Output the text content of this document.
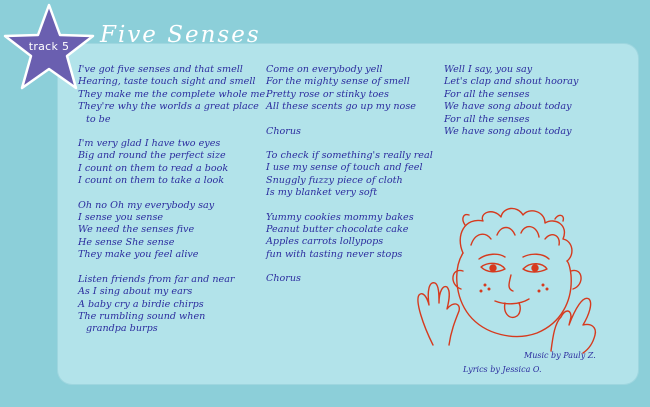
track 5 Five Senses
I've got five senses and that smell
Hearing, taste touch sight and smell
They make me the complete whole me
They're why the worlds a great place
to be
I'm very glad I have two eyes
Big and round the perfect size
I count on them to read a book
I count on them to take a look
Oh no Oh my everybody say
I sense you sense
We need the senses five
He sense She sense
They make you feel alive
Listen friends from far and near
As I sing about my ears
A baby cry a birdie chirps
The rumbling sound when
grandpa burps
Come on everybody yell
For the mighty sense of smell
Pretty rose or stinky toes
All these scents go up my nose
Chorus
To check if something's really real
I use my sense of touch and feel
Snuggly fuzzy piece of cloth
Is my blanket very soft
Yummy cookies mommy bakes
Peanut butter chocolate cake
Apples carrots lollypops
fun with tasting never stops
Chorus
Well I say, you say
Let's clap and shout hooray
For all the senses
We have song about today
For all the senses
We have song about today
Music by Pauly Z.
Lyrics by Jessica O.
